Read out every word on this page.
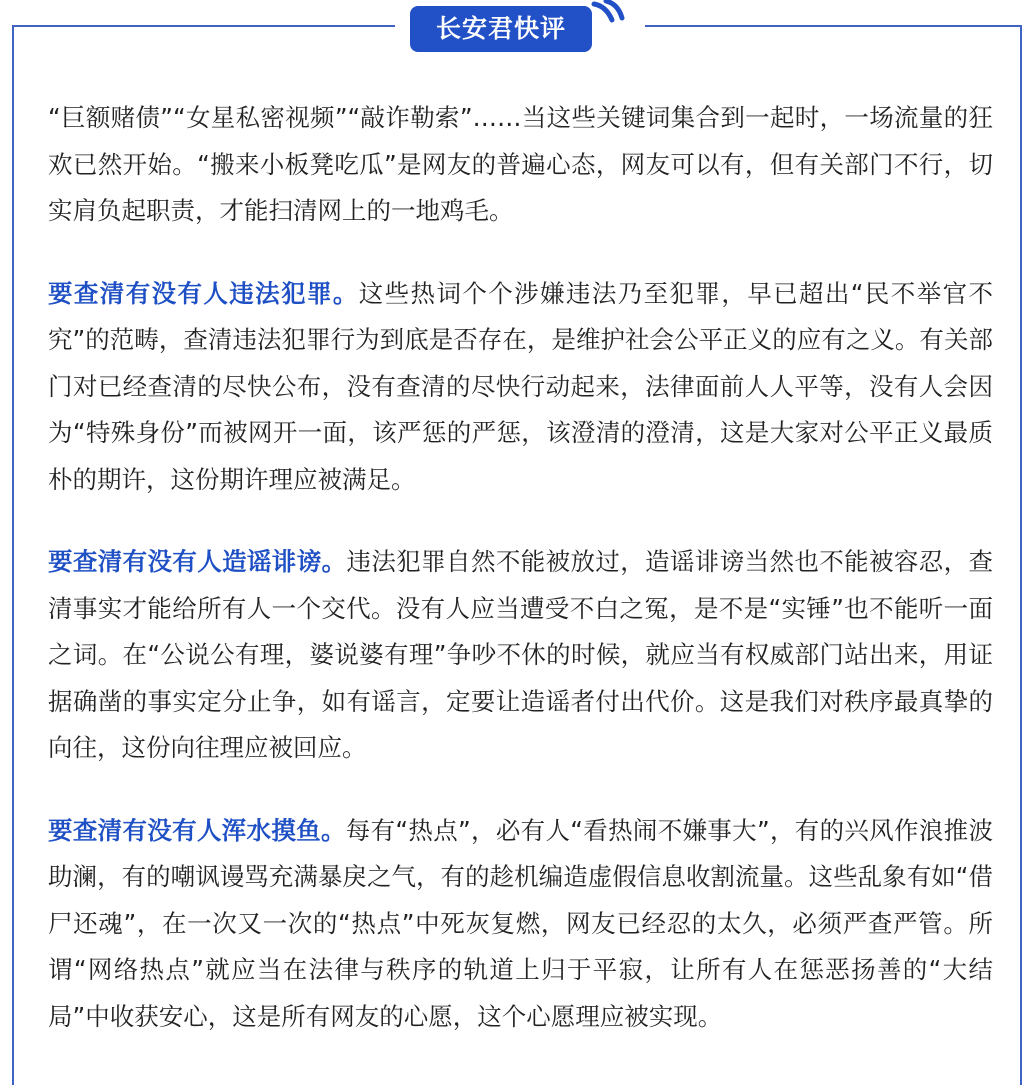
长安君快评

“巨额赌债”“女星私密视频”“敲诈勒索”……当这些关键词集合到一起时，一场流量的狂欢已然开始。“搬来小板凳吃瓜”是网友的普遍心态，网友可以有，但有关部门不行，切实肩负起职责，才能扫清网上的一地鸡毛。

要查清有没有人违法犯罪。这些热词个个涉嫌违法乃至犯罪，早已超出“民不举官不究”的范畴，查清违法犯罪行为到底是否存在，是维护社会公平正义的应有之义。有关部门对已经查清的尽快公布，没有查清的尽快行动起来，法律面前人人平等，没有人会因为“特殊身份”而被网开一面，该严惩的严惩，该澄清的澄清，这是大家对公平正义最质朴的期许，这份期许理应被满足。

要查清有没有人造谣诽谤。违法犯罪自然不能被放过，造谣诽谤当然也不能被容忍，查清事实才能给所有人一个交代。没有人应当遭受不白之冤，是不是“实锤”也不能听一面之词。在“公说公有理，婆说婆有理”争吵不休的时候，就应当有权威部门站出来，用证据确凿的事实定分止争，如有谣言，定要让造谣者付出代价。这是我们对秩序最真挚的向往，这份向往理应被回应。

要查清有没有人浑水摸鱼。每有“热点”，必有人“看热闹不嫌事大”，有的兴风作浪推波助澜，有的嘲讽谩骂充满暴戾之气，有的趁机编造虚假信息收割流量。这些乱象有如“借尸还魂”，在一次又一次的“热点”中死灰复燃，网友已经忍的太久，必须严查严管。所谓“网络热点”就应当在法律与秩序的轨道上归于平寂，让所有人在惩恶扬善的“大结局”中收获安心，这是所有网友的心愿，这个心愿理应被实现。
